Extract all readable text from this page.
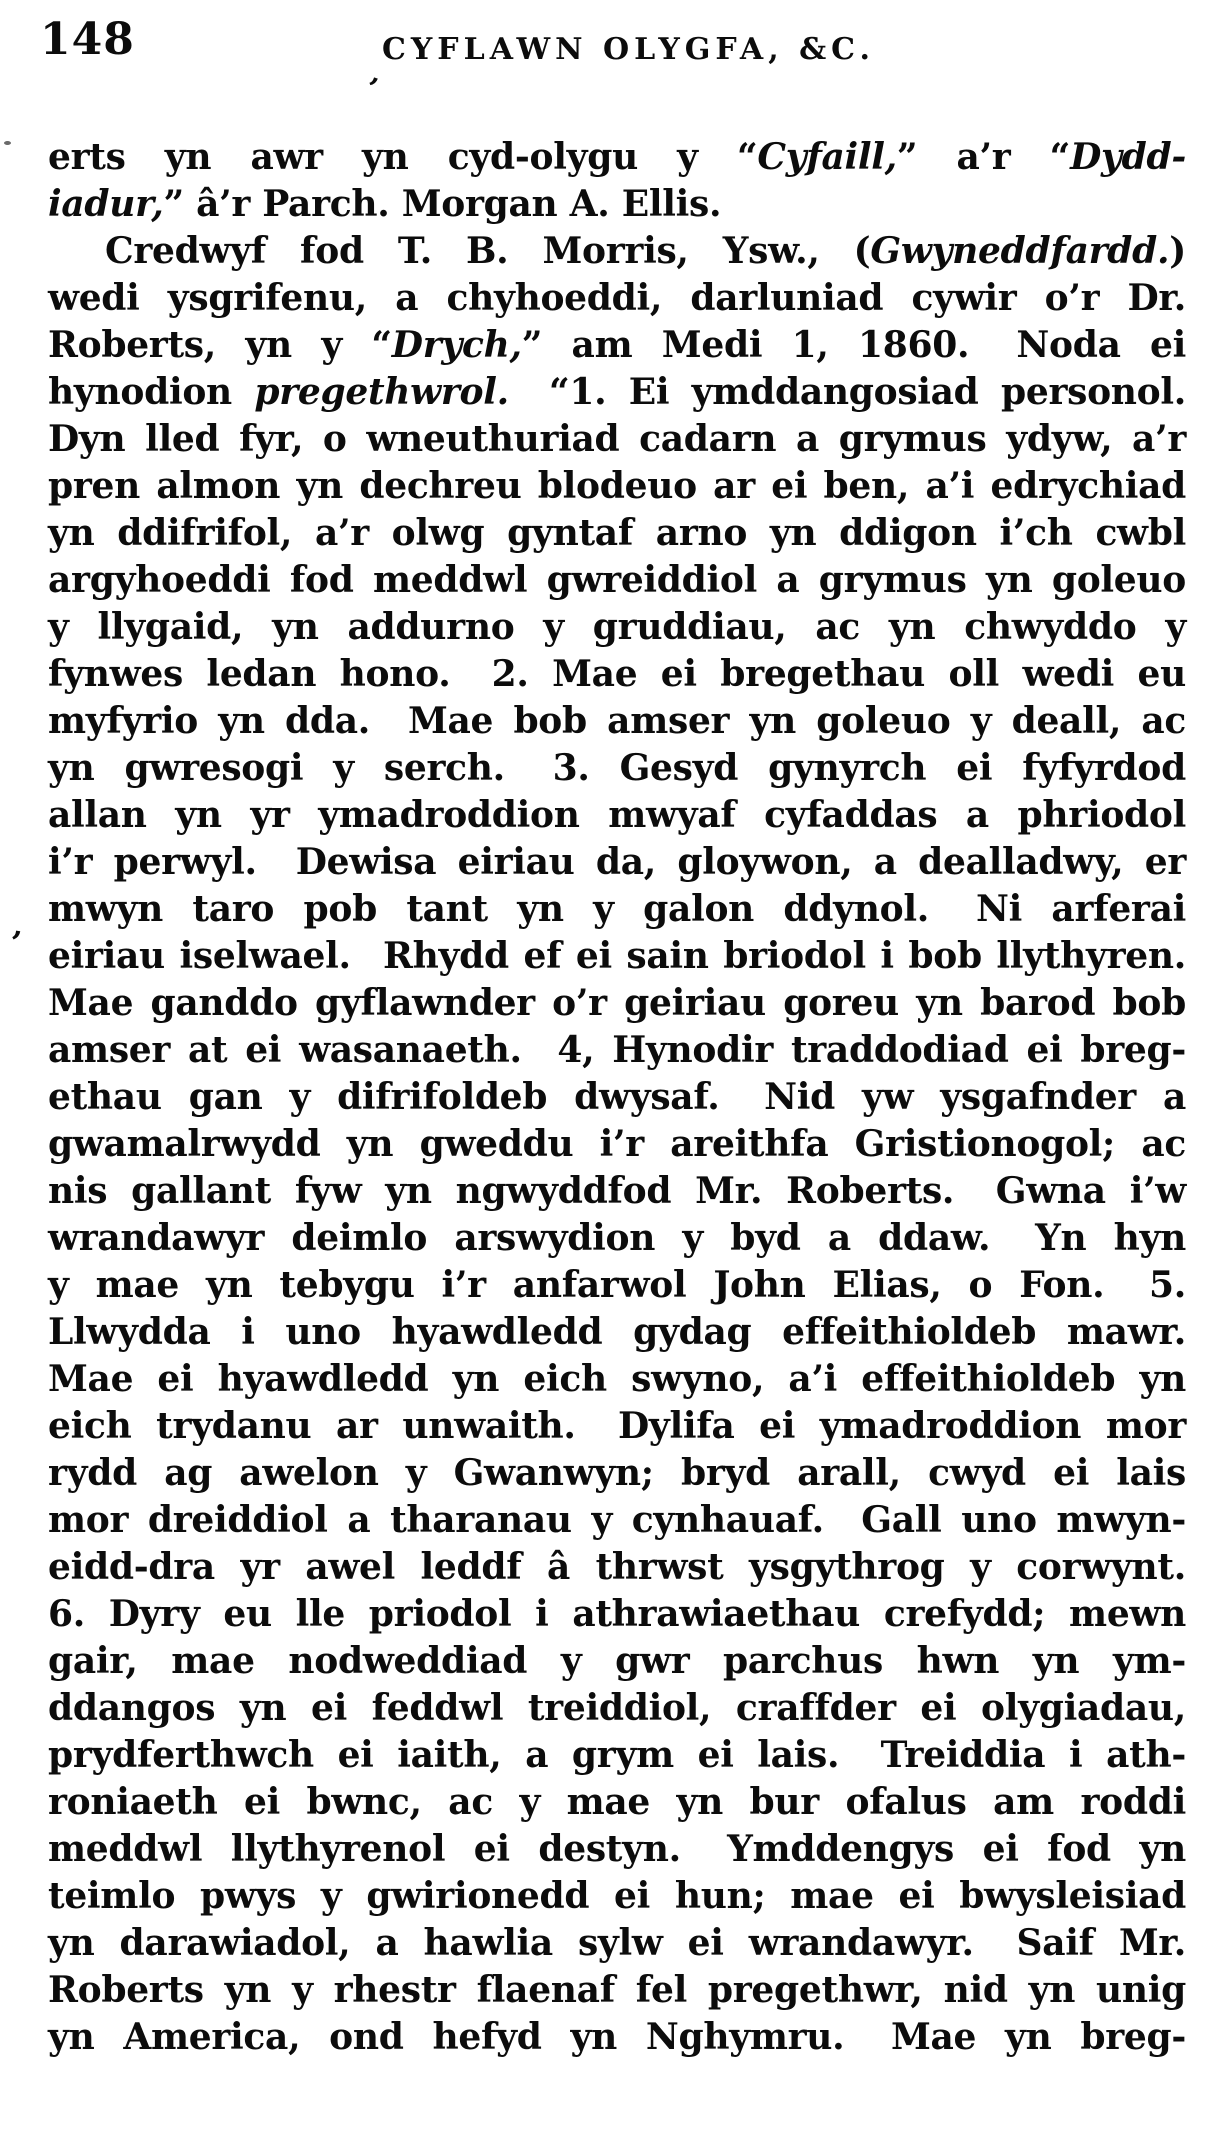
148	CYFLAWN OLYGFA, &C.
’
’
erts yn awr yn cyd-olygu y “Cyfaill,” a’r “Dydd-
iadur,” â’r Parch. Morgan A. Ellis.
Credwyf fod T. B. Morris, Ysw., (Gwyneddfardd.)
wedi ysgrifenu, a chyhoeddi, darluniad cywir o’r Dr.
Roberts, yn y “Drych,” am Medi 1, 1860.  Noda ei
hynodion pregethwrol.  “1. Ei ymddangosiad personol.
Dyn lled fyr, o wneuthuriad cadarn a grymus ydyw, a’r
pren almon yn dechreu blodeuo ar ei ben, a’i edrychiad
yn ddifrifol, a’r olwg gyntaf arno yn ddigon i’ch cwbl
argyhoeddi fod meddwl gwreiddiol a grymus yn goleuo
y llygaid, yn addurno y gruddiau, ac yn chwyddo y
fynwes ledan hono.  2. Mae ei bregethau oll wedi eu
myfyrio yn dda.  Mae bob amser yn goleuo y deall, ac
yn gwresogi y serch.  3. Gesyd gynyrch ei fyfyrdod
allan yn yr ymadroddion mwyaf cyfaddas a phriodol
i’r perwyl.  Dewisa eiriau da, gloywon, a dealladwy, er
mwyn taro pob tant yn y galon ddynol.  Ni arferai
eiriau iselwael.  Rhydd ef ei sain briodol i bob llythyren.
Mae ganddo gyflawnder o’r geiriau goreu yn barod bob
amser at ei wasanaeth.  4, Hynodir traddodiad ei breg-
ethau gan y difrifoldeb dwysaf.  Nid yw ysgafnder a
gwamalrwydd yn gweddu i’r areithfa Gristionogol; ac
nis gallant fyw yn ngwyddfod Mr. Roberts.  Gwna i’w
wrandawyr deimlo arswydion y byd a ddaw.  Yn hyn
y mae yn tebygu i’r anfarwol John Elias, o Fon.  5.
Llwydda i uno hyawdledd gydag effeithioldeb mawr.
Mae ei hyawdledd yn eich swyno, a’i effeithioldeb yn
eich trydanu ar unwaith.  Dylifa ei ymadroddion mor
rydd ag awelon y Gwanwyn; bryd arall, cwyd ei lais
mor dreiddiol a tharanau y cynhauaf.  Gall uno mwyn-
eidd-dra yr awel leddf â thrwst ysgythrog y corwynt.
6. Dyry eu lle priodol i athrawiaethau crefydd; mewn
gair, mae nodweddiad y gwr parchus hwn yn ym-
ddangos yn ei feddwl treiddiol, craffder ei olygiadau,
prydferthwch ei iaith, a grym ei lais.  Treiddia i ath-
roniaeth ei bwnc, ac y mae yn bur ofalus am roddi
meddwl llythyrenol ei destyn.  Ymddengys ei fod yn
teimlo pwys y gwirionedd ei hun; mae ei bwysleisiad
yn darawiadol, a hawlia sylw ei wrandawyr.  Saif Mr.
Roberts yn y rhestr flaenaf fel pregethwr, nid yn unig
yn America, ond hefyd yn Nghymru.  Mae yn breg-
